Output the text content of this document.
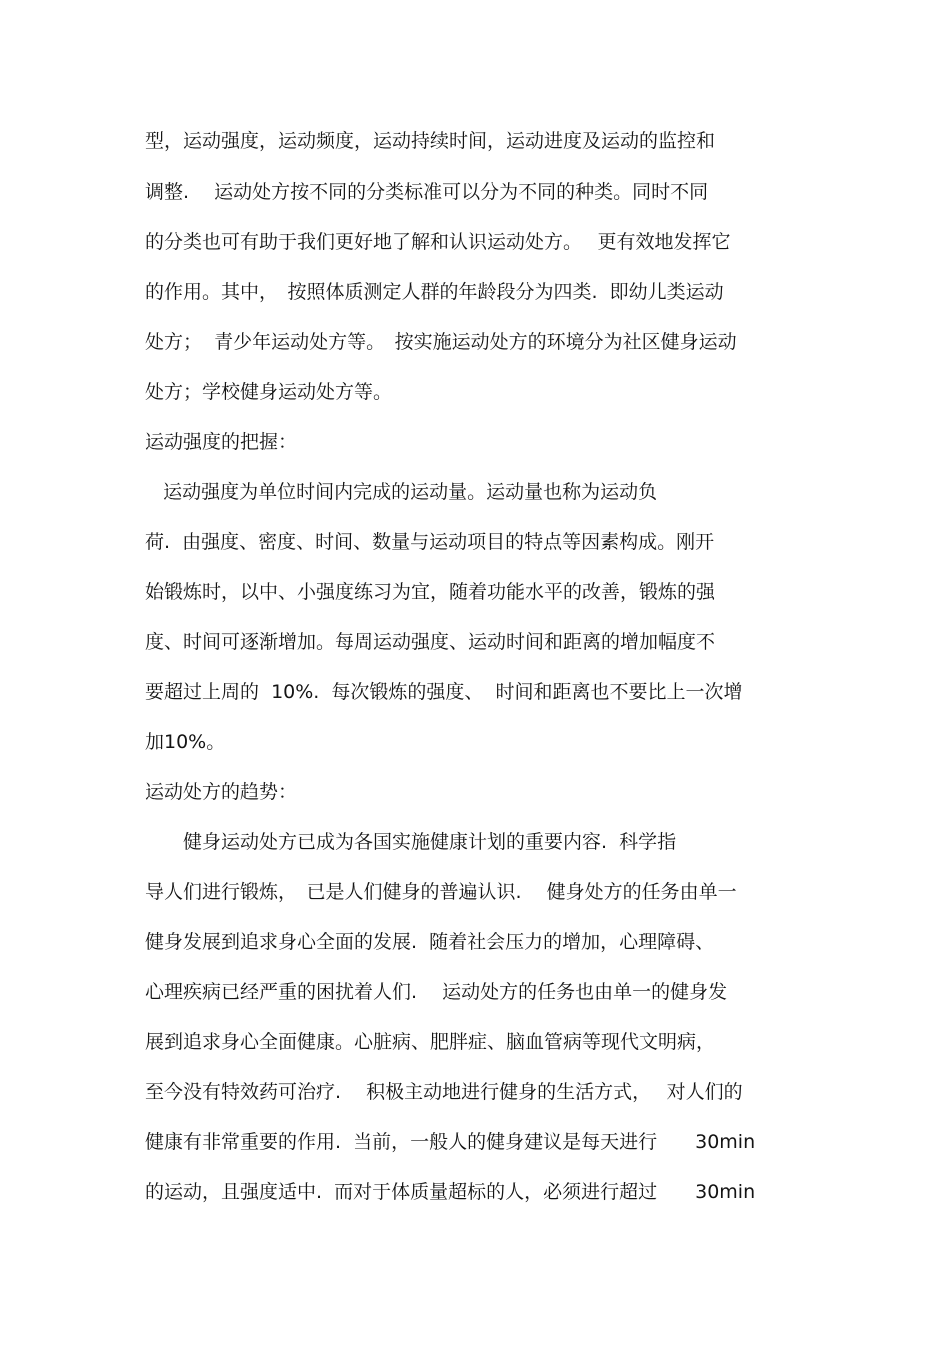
型，运动强度，运动频度，运动持续时间，运动进度及运动的监控和

调整.　 运动处方按不同的分类标准可以分为不同的种类。同时不同

的分类也可有助于我们更好地了解和认识运动处方。　 更有效地发挥它

的作用。其中，　按照体质测定人群的年龄段分为四类.  即幼儿类运动

处方；  青少年运动处方等。　按实施运动处方的环境分为社区健身运动

处方；学校健身运动处方等。

运动强度的把握：

运动强度为单位时间内完成的运动量。运动量也称为运动负

荷.  由强度、密度、时间、数量与运动项目的特点等因素构成。刚开

始锻炼时，以中、小强度练习为宜，随着功能水平的改善，锻炼的强

度、时间可逐渐增加。每周运动强度、运动时间和距离的增加幅度不

要超过上周的  10%.  每次锻炼的强度、  时间和距离也不要比上一次增

加10%。

运动处方的趋势：

　　健身运动处方已成为各国实施健康计划的重要内容.  科学指

导人们进行锻炼，　已是人们健身的普遍认识.　 健身处方的任务由单一

健身发展到追求身心全面的发展.  随着社会压力的增加，心理障碍、

心理疾病已经严重的困扰着人们.　 运动处方的任务也由单一的健身发

展到追求身心全面健康。心脏病、肥胖症、脑血管病等现代文明病，

至今没有特效药可治疗.　 积极主动地进行健身的生活方式，　 对人们的

健康有非常重要的作用.  当前，一般人的健身建议是每天进行　　30min

的运动，且强度适中.  而对于体质量超标的人，必须进行超过　　30min
